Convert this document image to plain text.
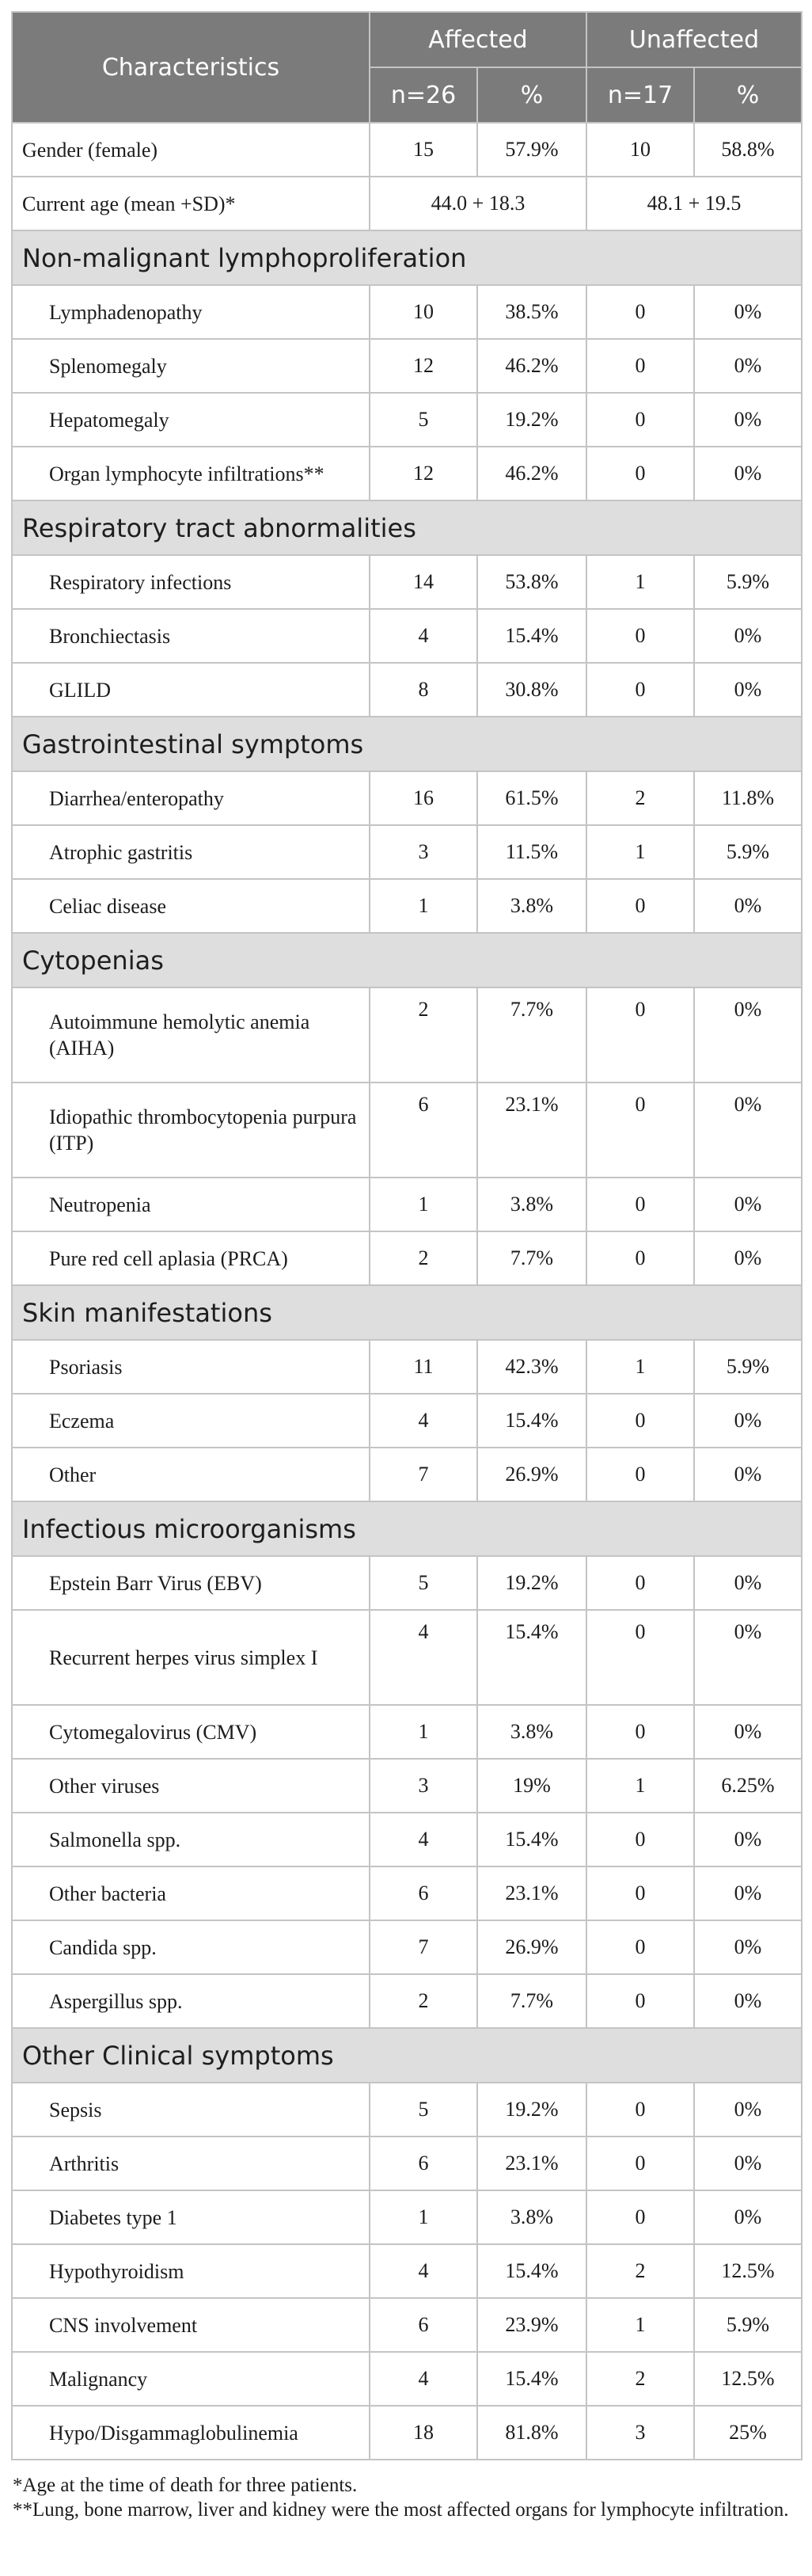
Characteristics	Affected		Unaffected	
	n=26	%	n=17	%
Gender (female)	15	57.9%	10	58.8%
Current age (mean +SD)*	44.0 + 18.3		48.1 + 19.5	
Non-malignant lymphoproliferation				
Lymphadenopathy	10	38.5%	0	0%
Splenomegaly	12	46.2%	0	0%
Hepatomegaly	5	19.2%	0	0%
Organ lymphocyte infiltrations**	12	46.2%	0	0%
Respiratory tract abnormalities				
Respiratory infections	14	53.8%	1	5.9%
Bronchiectasis	4	15.4%	0	0%
GLILD	8	30.8%	0	0%
Gastrointestinal symptoms				
Diarrhea/enteropathy	16	61.5%	2	11.8%
Atrophic gastritis	3	11.5%	1	5.9%
Celiac disease	1	3.8%	0	0%
Cytopenias				
Autoimmune hemolytic anemia (AIHA)	2	7.7%	0	0%
Idiopathic thrombocytopenia purpura (ITP)	6	23.1%	0	0%
Neutropenia	1	3.8%	0	0%
Pure red cell aplasia (PRCA)	2	7.7%	0	0%
Skin manifestations				
Psoriasis	11	42.3%	1	5.9%
Eczema	4	15.4%	0	0%
Other	7	26.9%	0	0%
Infectious microorganisms				
Epstein Barr Virus (EBV)	5	19.2%	0	0%
Recurrent herpes virus simplex I	4	15.4%	0	0%
Cytomegalovirus (CMV)	1	3.8%	0	0%
Other viruses	3	19%	1	6.25%
Salmonella spp.	4	15.4%	0	0%
Other bacteria	6	23.1%	0	0%
Candida spp.	7	26.9%	0	0%
Aspergillus spp.	2	7.7%	0	0%
Other Clinical symptoms				
Sepsis	5	19.2%	0	0%
Arthritis	6	23.1%	0	0%
Diabetes type 1	1	3.8%	0	0%
Hypothyroidism	4	15.4%	2	12.5%
CNS involvement	6	23.9%	1	5.9%
Malignancy	4	15.4%	2	12.5%
Hypo/Disgammaglobulinemia	18	81.8%	3	25%

*Age at the time of death for three patients.

**Lung, bone marrow, liver and kidney were the most affected organs for lymphocyte infiltration.
